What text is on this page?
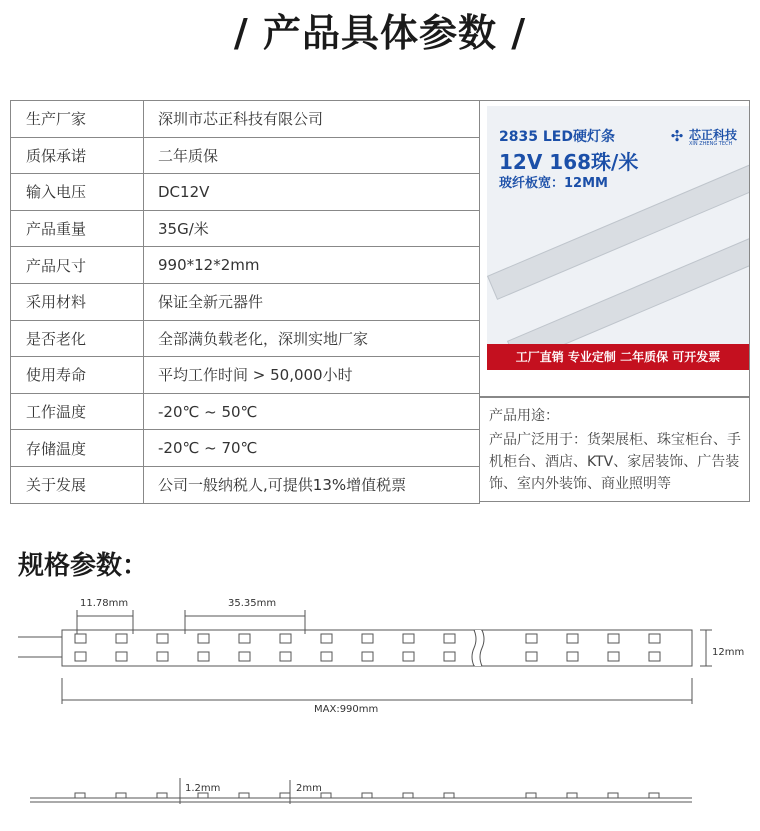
/ 产品具体参数 /
生产厂家	深圳市芯正科技有限公司
质保承诺	二年质保
输入电压	DC12V
产品重量	35G/米
产品尺寸	990*12*2mm
采用材料	保证全新元器件
是否老化	全部满负载老化，深圳实地厂家
使用寿命	平均工作时间 > 50,000小时
工作温度	-20℃ ~ 50℃
存储温度	-20℃ ~ 70℃
关于发展	公司一般纳税人,可提供13%增值税票
2835 LED硬灯条
12V 168珠/米
玻纤板宽：12MM
✣ 芯正科技
XIN ZHENG TECH
工厂直销 专业定制 二年质保 可开发票
产品用途：
产品广泛用于：货架展柜、珠宝柜台、手机柜台、酒店、KTV、家居装饰、广告装饰、室内外装饰、商业照明等
规格参数：
11.78mm	35.35mm
12mm
MAX:990mm
1.2mm	2mm
